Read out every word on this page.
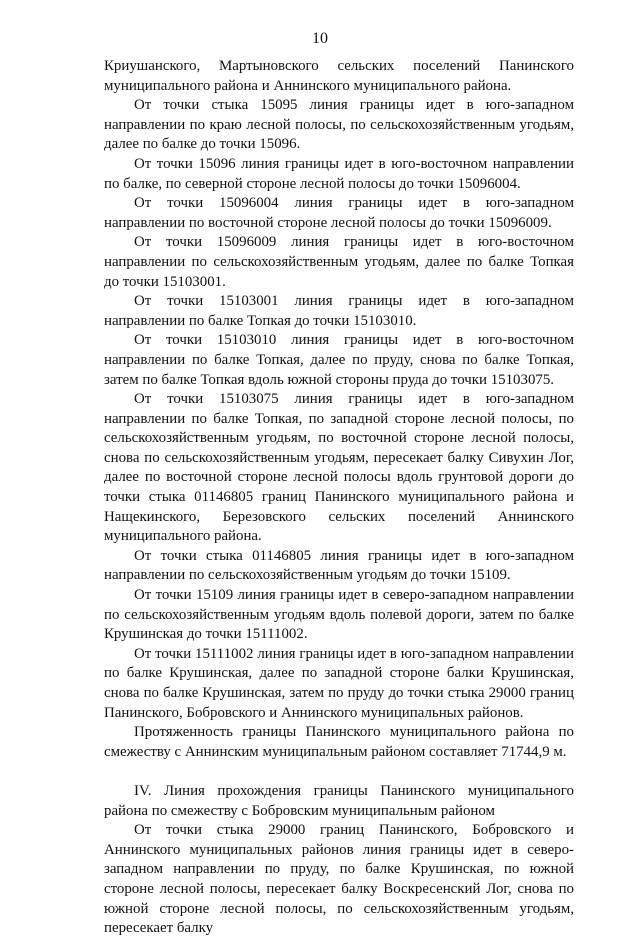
10

Криушанского, Мартыновского сельских поселений Панинского муниципального района и Аннинского муниципального района.

От точки стыка 15095 линия границы идет в юго-западном направлении по краю лесной полосы, по сельскохозяйственным угодьям, далее по балке до точки 15096.

От точки 15096 линия границы идет в юго-восточном направлении по балке, по северной стороне лесной полосы до точки 15096004.

От точки 15096004 линия границы идет в юго-западном направлении по восточной стороне лесной полосы до точки 15096009.

От точки 15096009 линия границы идет в юго-восточном направлении по сельскохозяйственным угодьям, далее по балке Топкая до точки 15103001.

От точки 15103001 линия границы идет в юго-западном направлении по балке Топкая до точки 15103010.

От точки 15103010 линия границы идет в юго-восточном направлении по балке Топкая, далее по пруду, снова по балке Топкая, затем по балке Топкая вдоль южной стороны пруда до точки 15103075.

От точки 15103075 линия границы идет в юго-западном направлении по балке Топкая, по западной стороне лесной полосы, по сельскохозяйственным угодьям, по восточной стороне лесной полосы, снова по сельскохозяйственным угодьям, пересекает балку Сивухин Лог, далее по восточной стороне лесной полосы вдоль грунтовой дороги до точки стыка 01146805 границ Панинского муниципального района и Нащекинского, Березовского сельских поселений Аннинского муниципального района.

От точки стыка 01146805 линия границы идет в юго-западном направлении по сельскохозяйственным угодьям до точки 15109.

От точки 15109 линия границы идет в северо-западном направлении по сельскохозяйственным угодьям вдоль полевой дороги, затем по балке Крушинская до точки 15111002.

От точки 15111002 линия границы идет в юго-западном направлении по балке Крушинская, далее по западной стороне балки Крушинская, снова по балке Крушинская, затем по пруду до точки стыка 29000 границ Панинского, Бобровского и Аннинского муниципальных районов.

Протяженность границы Панинского муниципального района по смежеству с Аннинским муниципальным районом составляет 71744,9 м.

IV. Линия прохождения границы Панинского муниципального района по смежеству с Бобровским муниципальным районом

От точки стыка 29000 границ Панинского, Бобровского и Аннинского муниципальных районов линия границы идет в северо-западном направлении по пруду, по балке Крушинская, по южной стороне лесной полосы, пересекает балку Воскресенский Лог, снова по южной стороне лесной полосы, по сельскохозяйственным угодьям, пересекает балку
